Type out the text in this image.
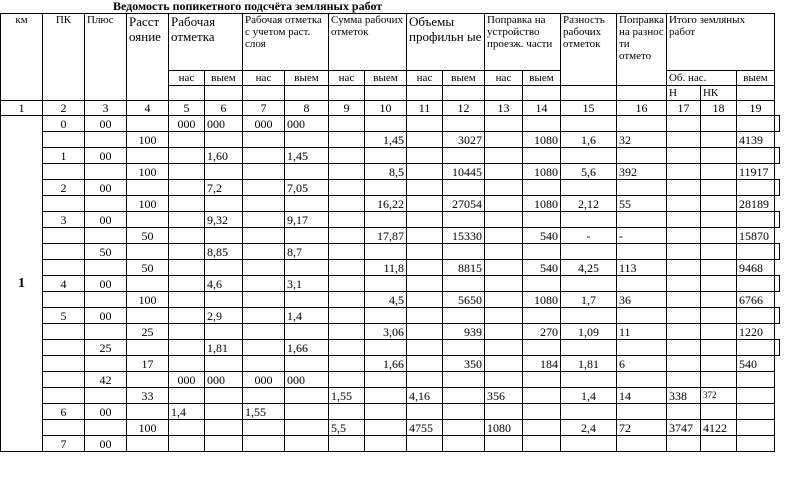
Ведомость попикетного подсчёта земляных работ
км	ПК	Плюс	Расст ояние	Рабочая отметка		Рабочая отметка с учетом раст. слоя		Сумма рабочих отметок		Объемы профильн ые		Поправка на устройство проезж. части		Разность рабочих отметок	Поправка на разнос ти отмето	Итого земляных работ			
				нас	выем	нас	выем	нас	выем	нас	выем	нас	выем			Об. нас.		выем	
																Н	НК		
1	2	3	4	5	6	7	8	9	10	11	12	13	14	15	16	17	18	19	
1	0	00		000	000	000	000												
			100						1,45		3027		1080	1,6	32			4139	
	1	00			1,60		1,45												
			100						8,5		10445		1080	5,6	392			11917	
	2	00			7,2		7,05												
			100						16,22		27054		1080	2,12	55			28189	
	3	00			9,32		9,17												
			50						17,87		15330		540	-	-			15870	
		50			8,85		8,7												
			50						11,8		8815		540	4,25	113			9468	
	4	00			4,6		3,1												
			100						4,5		5650		1080	1,7	36			6766	
	5	00			2,9		1,4												
			25						3,06		939		270	1,09	11			1220	
		25			1,81		1,66												
			17						1,66		350		184	1,81	6			540	
		42		000	000	000	000												
			33					1,55		4,16		356		1,4	14	338	372		
	6	00		1,4		1,55													
			100					5,5		4755		1080		2,4	72	3747	4122		
	7	00																	
